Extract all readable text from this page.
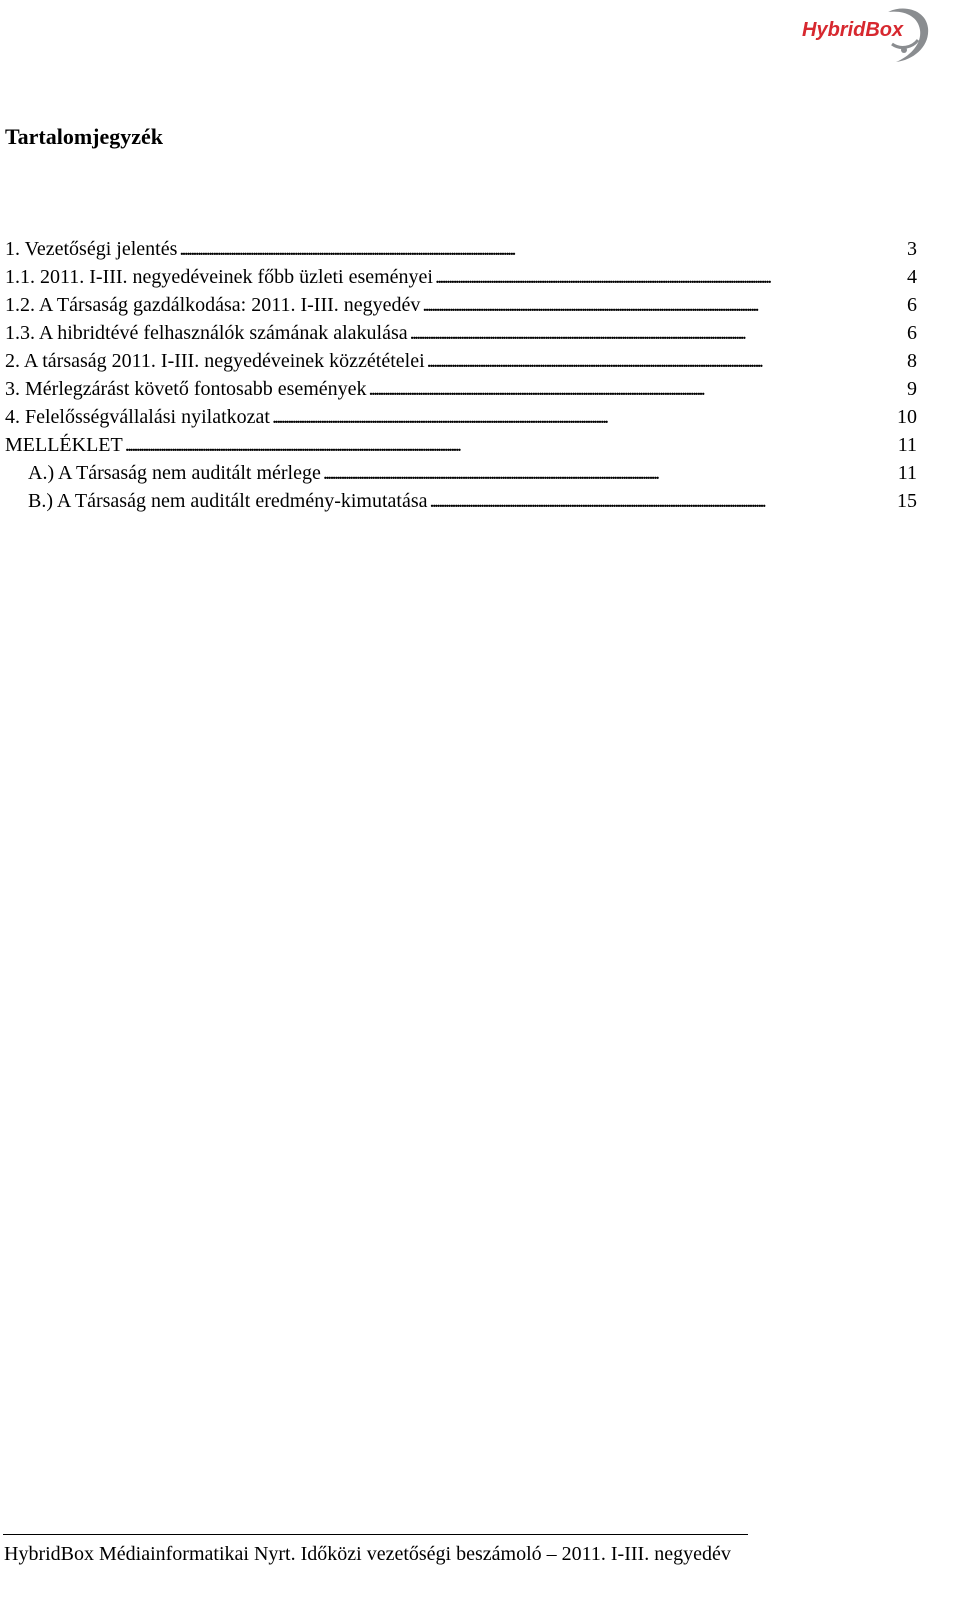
HybridBox
Tartalomjegyzék
1. Vezetőségi jelentés . . .	3
1.1. 2011. I-III. negyedéveinek főbb üzleti eseményei . . .	4
1.2. A Társaság gazdálkodása: 2011. I-III. negyedév . . .	6
1.3. A hibridtévé felhasználók számának alakulása . . .	6
2. A társaság 2011. I-III. negyedéveinek közzétételei . . .	8
3. Mérlegzárást követő fontosabb események . . .	9
4. Felelősségvállalási nyilatkozat . . .	10
MELLÉKLET . . .	11
A.) A Társaság nem auditált mérlege . . .	11
B.) A Társaság nem auditált eredmény-kimutatása . . .	15

HybridBox Médiainformatikai Nyrt. Időközi vezetőségi beszámoló – 2011. I-III. negyedév
